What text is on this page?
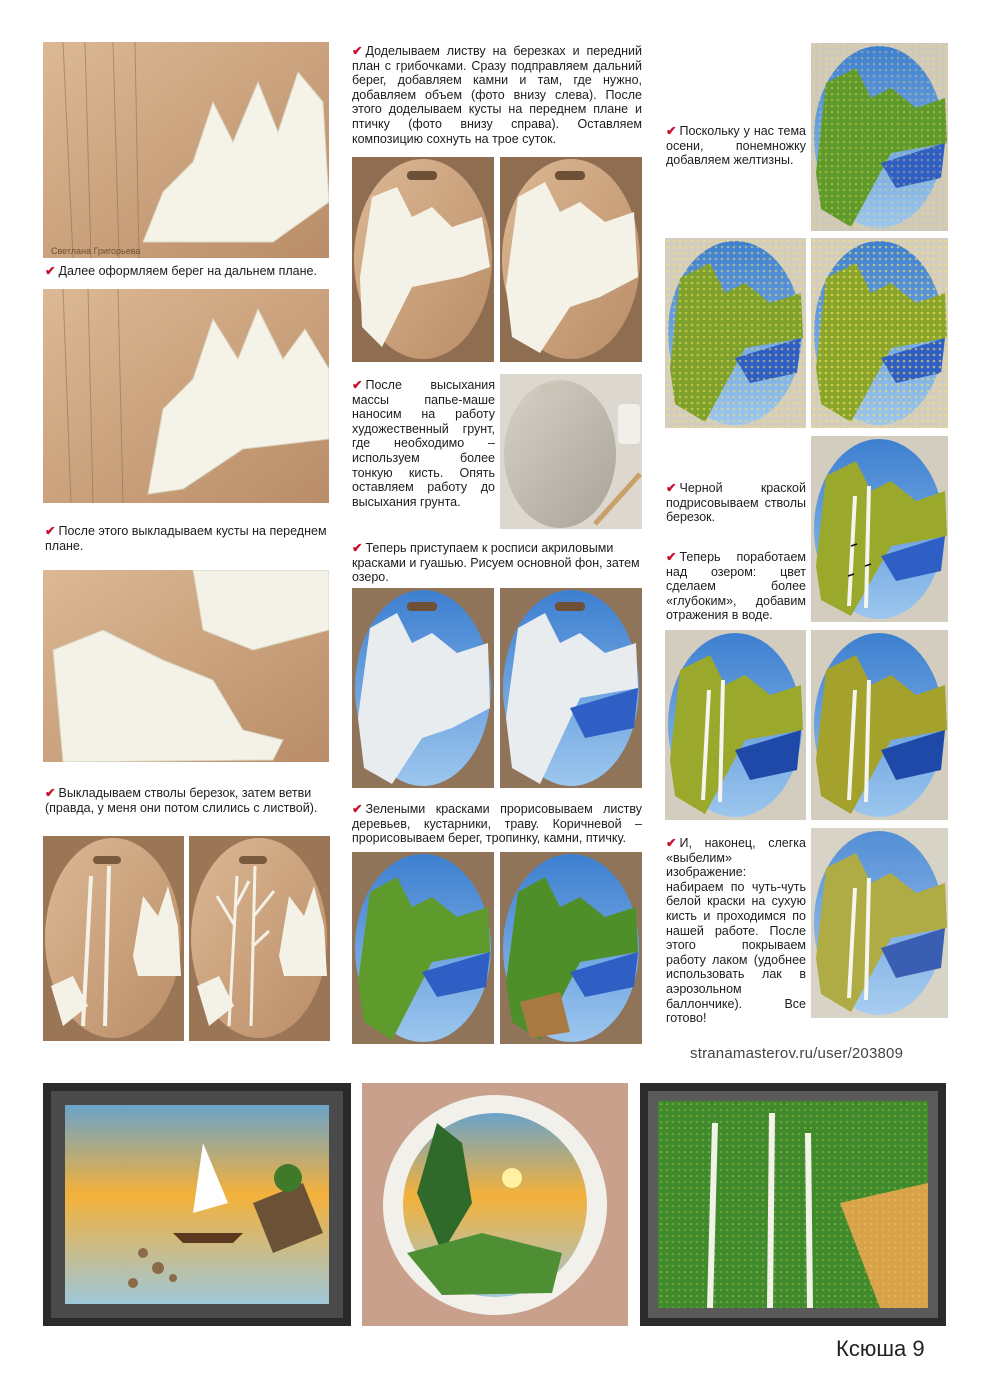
Светлана Григорьева
✔ Далее оформляем берег на дальнем плане.
✔ После этого выкладываем кусты на переднем плане.
✔ Выкладываем стволы березок, затем ветви (правда, у меня они потом слились с листвой).
✔ Доделываем листву на березках и передний план с грибочками. Сразу подправляем дальний берег, добавляем камни и там, где нужно, добавляем объем (фото внизу слева). После этого доделываем кусты на переднем плане и птичку (фото внизу справа). Оставляем композицию сохнуть на трое суток.
✔ После высыхания массы папье-маше наносим на работу художественный грунт, где необходимо – используем более тонкую кисть. Опять оставляем работу до высыхания грунта.
✔ Теперь приступаем к росписи акриловыми красками и гуашью. Рисуем основной фон, затем озеро.
✔ Зелеными красками прорисовываем листву деревьев, кустарники, траву. Коричневой – прорисовываем берег, тропинку, камни, птичку.
✔ Поскольку у нас тема осени, понемножку добавляем желтизны.
✔ Черной краской подрисовываем стволы березок.
✔ Теперь поработаем над озером: цвет сделаем более «глубоким», добавим отражения в воде.
✔ И, наконец, слегка «выбелим» изображение: набираем по чуть-чуть белой краски на сухую кисть и проходимся по нашей работе. После этого покрываем работу лаком (удобнее использовать лак в аэрозольном баллончике). Все готово!
stranamasterov.ru/user/203809
Ксюша 9
